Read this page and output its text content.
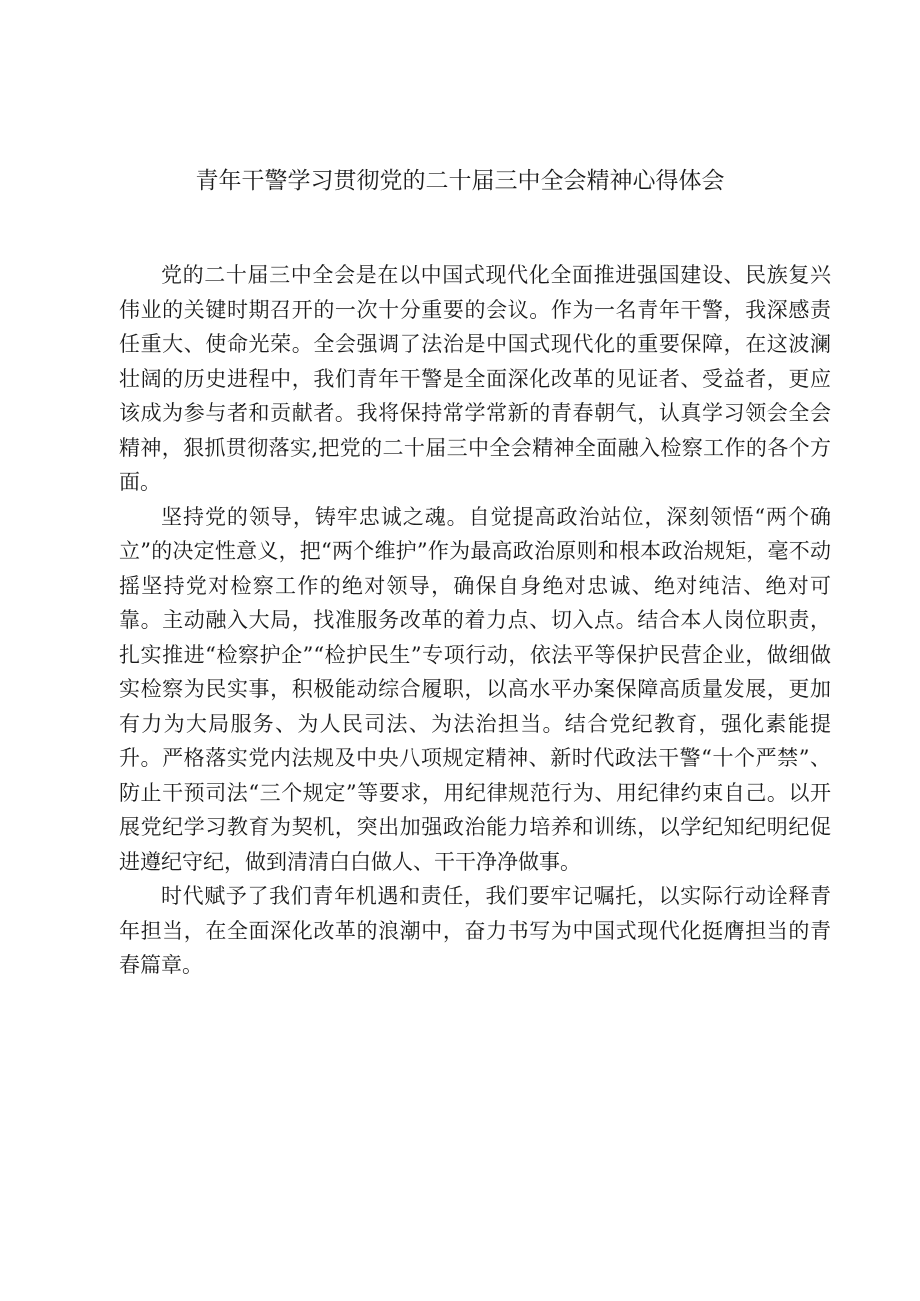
青年干警学习贯彻党的二十届三中全会精神心得体会

党的二十届三中全会是在以中国式现代化全面推进强国建设、民族复兴伟业的关键时期召开的一次十分重要的会议。作为一名青年干警，我深感责任重大、使命光荣。全会强调了法治是中国式现代化的重要保障，在这波澜壮阔的历史进程中，我们青年干警是全面深化改革的见证者、受益者，更应该成为参与者和贡献者。我将保持常学常新的青春朝气，认真学习领会全会精神，狠抓贯彻落实,把党的二十届三中全会精神全面融入检察工作的各个方面。

坚持党的领导，铸牢忠诚之魂。自觉提高政治站位，深刻领悟“两个确立”的决定性意义，把“两个维护”作为最高政治原则和根本政治规矩，毫不动摇坚持党对检察工作的绝对领导，确保自身绝对忠诚、绝对纯洁、绝对可靠。主动融入大局，找准服务改革的着力点、切入点。结合本人岗位职责，扎实推进“检察护企”“检护民生”专项行动，依法平等保护民营企业，做细做实检察为民实事，积极能动综合履职，以高水平办案保障高质量发展，更加有力为大局服务、为人民司法、为法治担当。结合党纪教育，强化素能提升。严格落实党内法规及中央八项规定精神、新时代政法干警“十个严禁”、防止干预司法“三个规定”等要求，用纪律规范行为、用纪律约束自己。以开展党纪学习教育为契机，突出加强政治能力培养和训练，以学纪知纪明纪促进遵纪守纪，做到清清白白做人、干干净净做事。

时代赋予了我们青年机遇和责任，我们要牢记嘱托，以实际行动诠释青年担当，在全面深化改革的浪潮中，奋力书写为中国式现代化挺膺担当的青春篇章。
